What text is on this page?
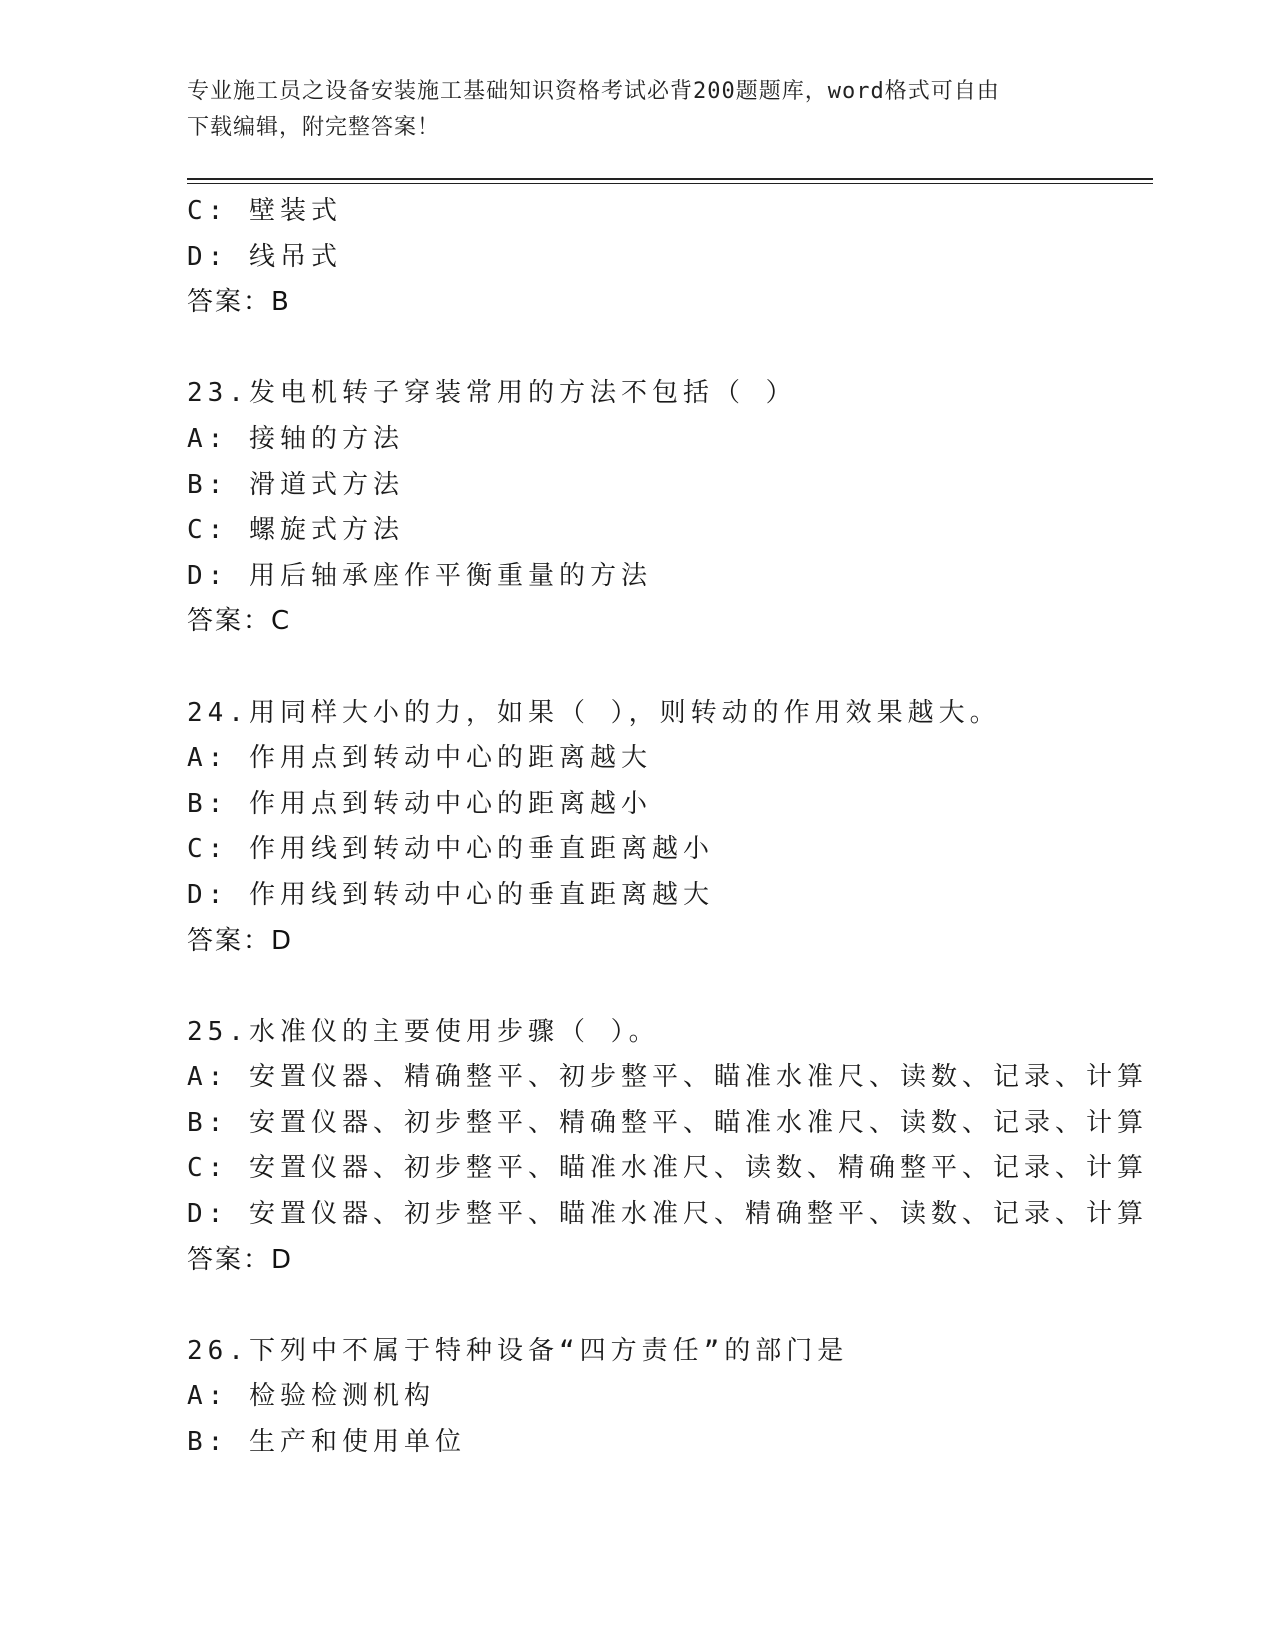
专业施工员之设备安装施工基础知识资格考试必背200题题库，word格式可自由
下载编辑，附完整答案！
C: 壁装式
D: 线吊式
答案：B
23.发电机转子穿装常用的方法不包括（ ）
A: 接轴的方法
B: 滑道式方法
C: 螺旋式方法
D: 用后轴承座作平衡重量的方法
答案：C
24.用同样大小的力，如果（ ），则转动的作用效果越大。
A: 作用点到转动中心的距离越大
B: 作用点到转动中心的距离越小
C: 作用线到转动中心的垂直距离越小
D: 作用线到转动中心的垂直距离越大
答案：D
25.水准仪的主要使用步骤（ ）。
A: 安置仪器、精确整平、初步整平、瞄准水准尺、读数、记录、计算
B: 安置仪器、初步整平、精确整平、瞄准水准尺、读数、记录、计算
C: 安置仪器、初步整平、瞄准水准尺、读数、精确整平、记录、计算
D: 安置仪器、初步整平、瞄准水准尺、精确整平、读数、记录、计算
答案：D
26.下列中不属于特种设备“四方责任”的部门是
A: 检验检测机构
B: 生产和使用单位
